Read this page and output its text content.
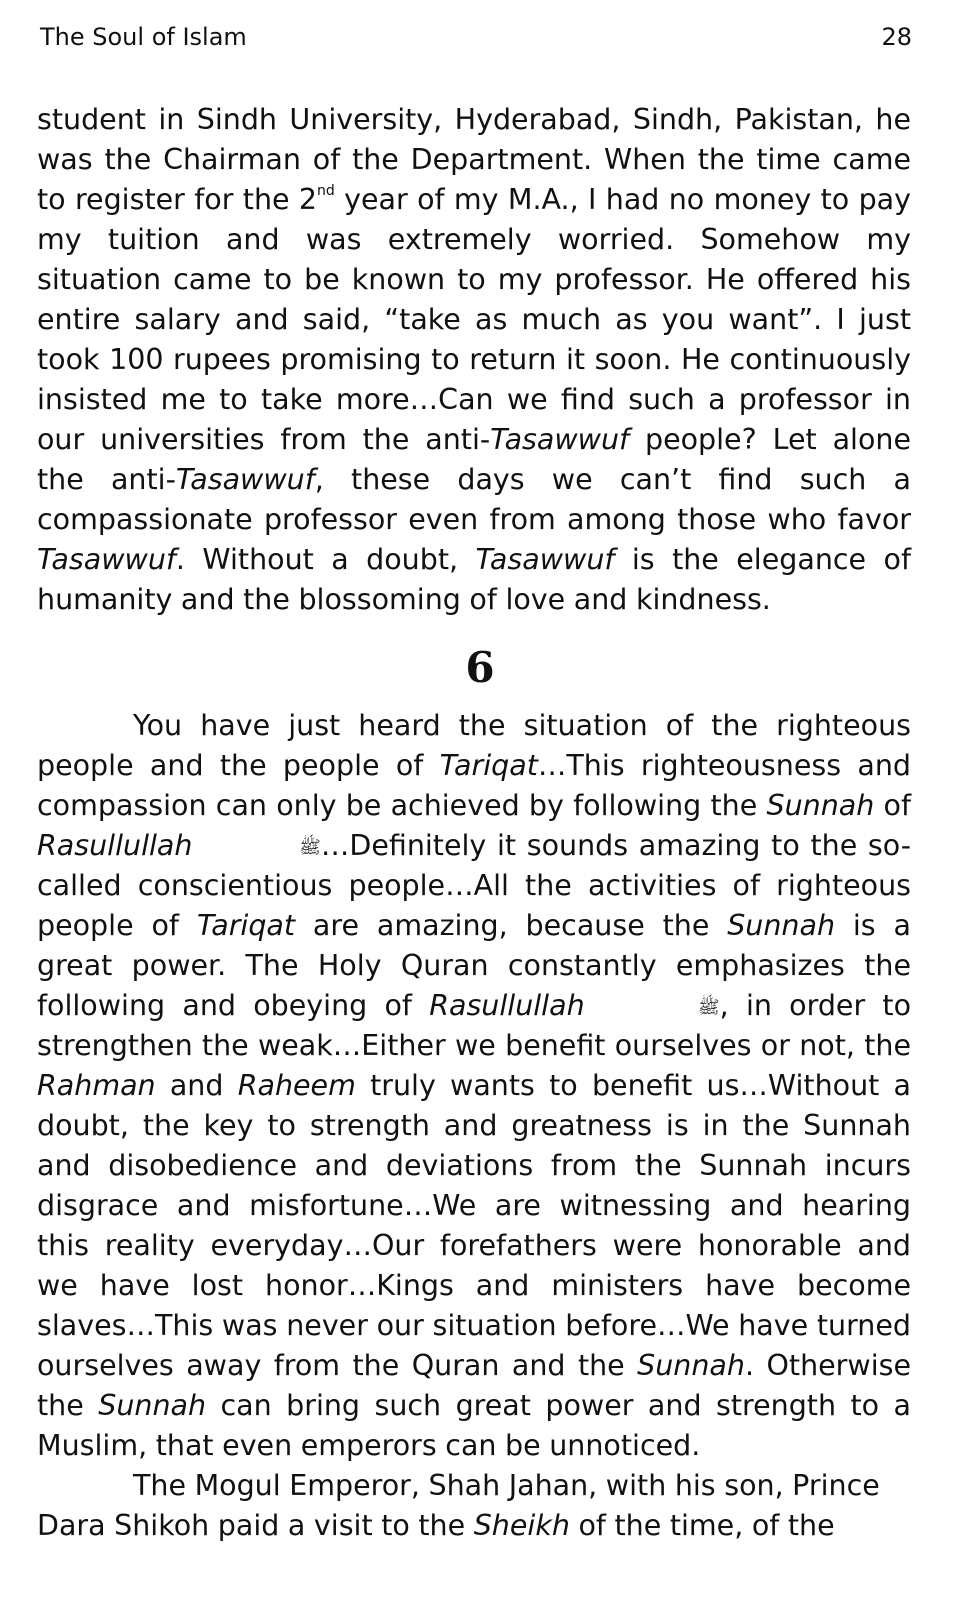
The Soul of Islam	28

student in Sindh University, Hyderabad, Sindh, Pakistan, he was the Chairman of the Department. When the time came to register for the 2nd year of my M.A., I had no money to pay my tuition and was extremely worried. Somehow my situation came to be known to my professor. He offered his entire salary and said, “take as much as you want”. I just took 100 rupees promising to return it soon. He continuously insisted me to take more…Can we find such a professor in our universities from the anti-Tasawwuf people? Let alone the anti-Tasawwuf, these days we can’t find such a compassionate professor even from among those who favor Tasawwuf. Without a doubt, Tasawwuf is the elegance of humanity and the blossoming of love and kindness.

6

You have just heard the situation of the righteous people and the people of Tariqat…This righteousness and compassion can only be achieved by following the Sunnah of Rasullullah	ﷺ…Definitely it sounds amazing to the so-called conscientious people…All the activities of righteous people of Tariqat are amazing, because the Sunnah is a great power. The Holy Quran constantly emphasizes the following and obeying of Rasullullah	ﷺ, in order to strengthen the weak…Either we benefit ourselves or not, the Rahman and Raheem truly wants to benefit us…Without a doubt, the key to strength and greatness is in the Sunnah and disobedience and deviations from the Sunnah incurs disgrace and misfortune…We are witnessing and hearing this reality everyday…Our forefathers were honorable and we have lost honor…Kings and ministers have become slaves…This was never our situation before…We have turned ourselves away from the Quran and the Sunnah. Otherwise the Sunnah can bring such great power and strength to a Muslim, that even emperors can be unnoticed.

The Mogul Emperor, Shah Jahan, with his son, Prince Dara Shikoh paid a visit to the Sheikh of the time, of the
